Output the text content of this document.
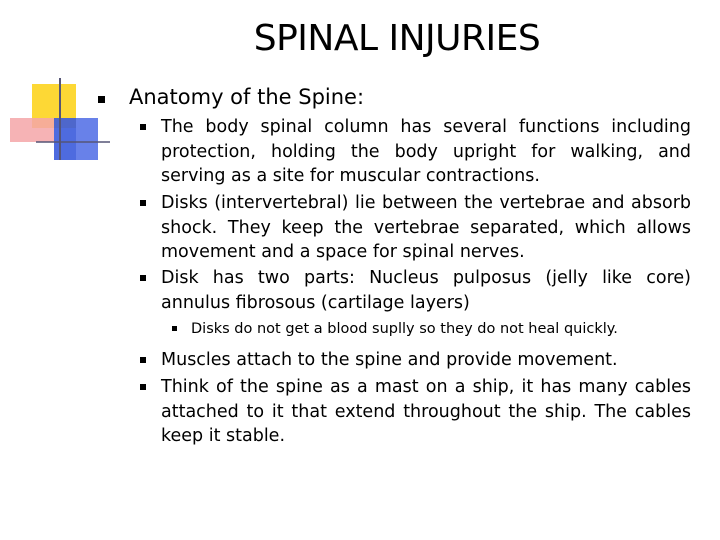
SPINAL INJURIES
Anatomy of the Spine:
The body spinal column has several functions including protection, holding the body upright for walking, and serving as a site for muscular contractions.
Disks (intervertebral) lie between the vertebrae and absorb shock. They keep the vertebrae separated, which allows movement and a space for spinal nerves.
Disk has two parts: Nucleus pulposus (jelly like core) annulus fibrosous (cartilage layers)
Disks do not get a blood suplly so they do not heal quickly.
Muscles attach to the spine and provide movement.
Think of the spine as a mast on a ship, it has many cables attached to it that extend throughout the ship. The cables keep it stable.
